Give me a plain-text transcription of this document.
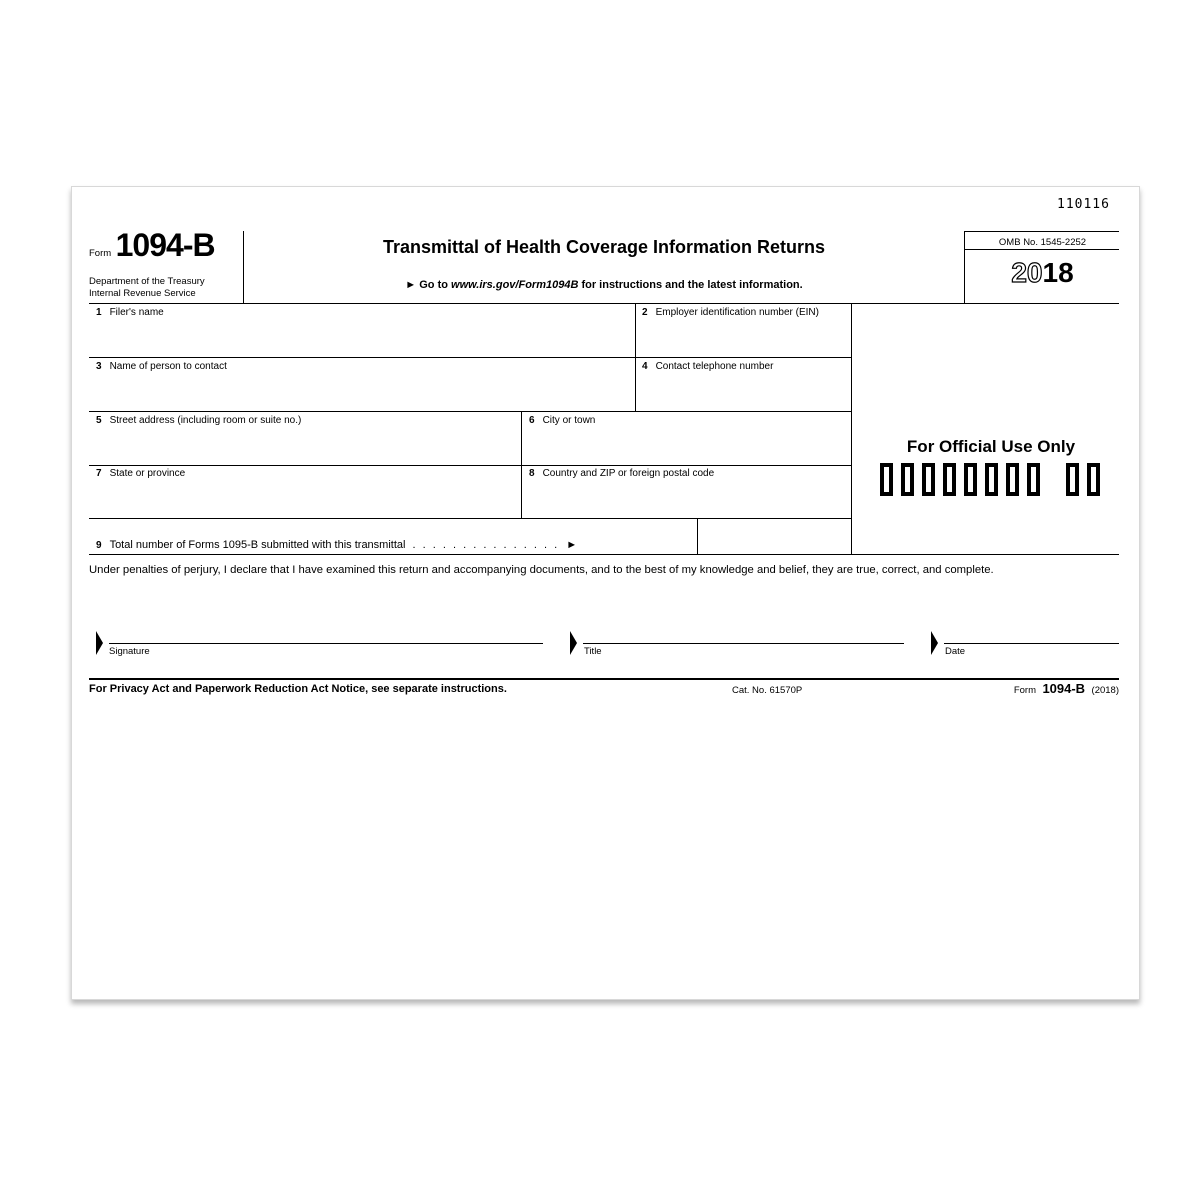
110116
Form 1094-B
Department of the Treasury
Internal Revenue Service
Transmittal of Health Coverage Information Returns
► Go to www.irs.gov/Form1094B for instructions and the latest information.
OMB No. 1545-2252
2018
1 Filer's name	2 Employer identification number (EIN)
3 Name of person to contact	4 Contact telephone number
5 Street address (including room or suite no.)	6 City or town
7 State or province	8 Country and ZIP or foreign postal code
9 Total number of Forms 1095-B submitted with this transmittal . . . . . . . . . . . . . . . ►
For Official Use Only
Under penalties of perjury, I declare that I have examined this return and accompanying documents, and to the best of my knowledge and belief, they are true, correct, and complete.
Signature	Title	Date
For Privacy Act and Paperwork Reduction Act Notice, see separate instructions.	Cat. No. 61570P	Form 1094-B (2018)
